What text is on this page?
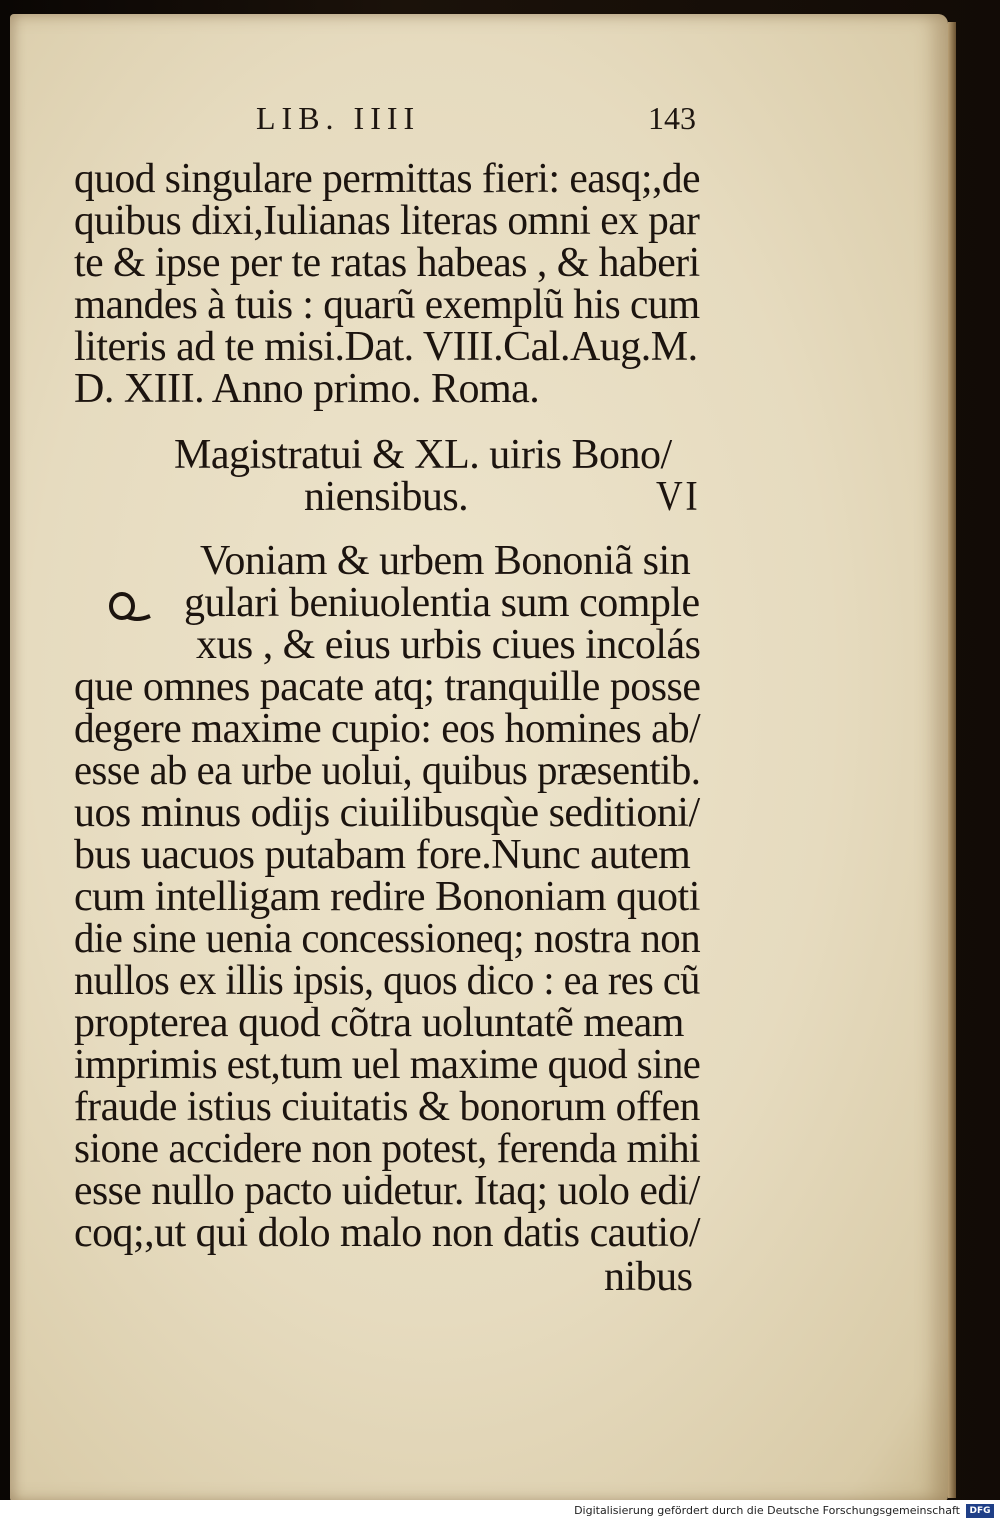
LIB. IIII	143
quod singulare permittas fieri: easq;,de
quibus dixi,Iulianas literas omni ex par
te & ipse per te ratas habeas , & haberi
mandes à tuis : quarũ exemplũ his cum
literis ad te misi.Dat. VIII.Cal.Aug.M.
D. XIII. Anno primo. Roma.
Magistratui & XL. uiris Bono/
niensibus.	VI
Voniam & urbem Bononiã sin
gulari beniuolentia sum comple
xus , & eius urbis ciues incolás
que omnes pacate atq; tranquille posse
degere maxime cupio: eos homines ab/
esse ab ea urbe uolui, quibus præsentib.
uos minus odijs ciuilibusqùe seditioni/
bus uacuos putabam fore.Nunc autem
cum intelligam redire Bononiam quoti
die sine uenia concessioneq; nostra non
nullos ex illis ipsis, quos dico : ea res cũ
propterea quod cõtra uoluntatẽ meam
imprimis est,tum uel maxime quod sine
fraude istius ciuitatis & bonorum offen
sione accidere non potest, ferenda mihi
esse nullo pacto uidetur. Itaq; uolo edi/
coq;,ut qui dolo malo non datis cautio/
nibus
Digitalisierung gefördert durch die Deutsche Forschungsgemeinschaft	DFG
